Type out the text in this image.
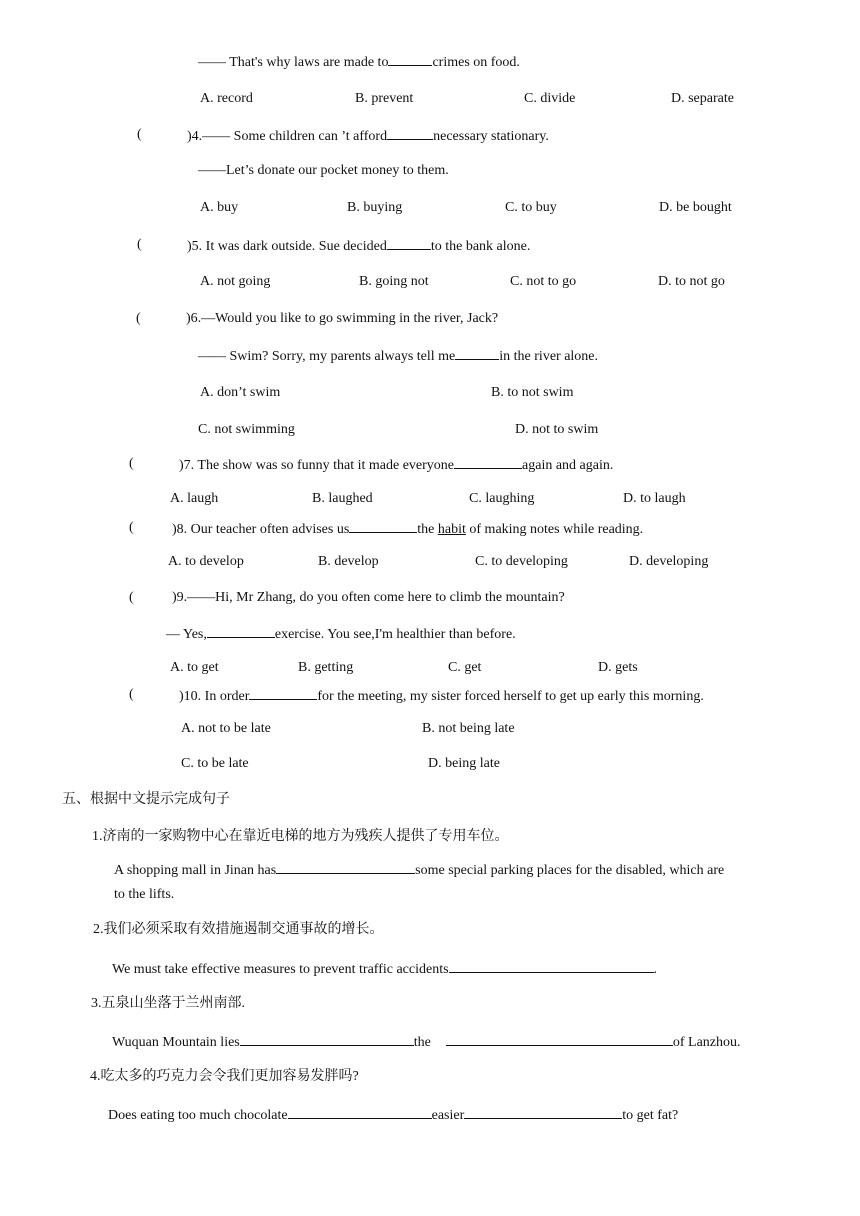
—— That's why laws are made to	crimes on food.
A. record	B. prevent	C. divide	D. separate
(	)4.—— Some children can ’t afford	necessary stationary.
——Let’s donate our pocket money to them.
A. buy	B. buying	C. to buy	D. be bought
(	)5. It was dark outside. Sue decided	to the bank alone.
A. not going	B. going not	C. not to go	D. to not go
(	)6.—Would you like to go swimming in the river, Jack?
—— Swim? Sorry, my parents always tell me	in the river alone.
A. don’t swim	B. to not swim
C. not swimming	D. not to swim
(	)7. The show was so funny that it made everyone	again and again.
A. laugh	B. laughed	C. laughing	D. to laugh
(	)8. Our teacher often advises us	the habit of making notes while reading.
A. to develop	B. develop	C. to developing	D. developing
(	)9.——Hi, Mr Zhang, do you often come here to climb the mountain?
— Yes,	exercise. You see,I'm healthier than before.
A. to get	B. getting	C. get	D. gets
(	)10. In order	for the meeting, my sister forced herself to get up early this morning.
A. not to be late	B. not being late
C. to be late	D. being late
五、根据中文提示完成句子
1.济南的一家购物中心在靠近电梯的地方为残疾人提供了专用车位。
A shopping mall in Jinan has	some special parking places for the disabled, which are
to the lifts.
2.我们必须采取有效措施遏制交通事故的增长。
We must take effective measures to prevent traffic accidents	.
3.五泉山坐落于兰州南部.
Wuquan Mountain lies	the	of Lanzhou.
4.吃太多的巧克力会令我们更加容易发胖吗?
Does eating too much chocolate	easier	to get fat?
